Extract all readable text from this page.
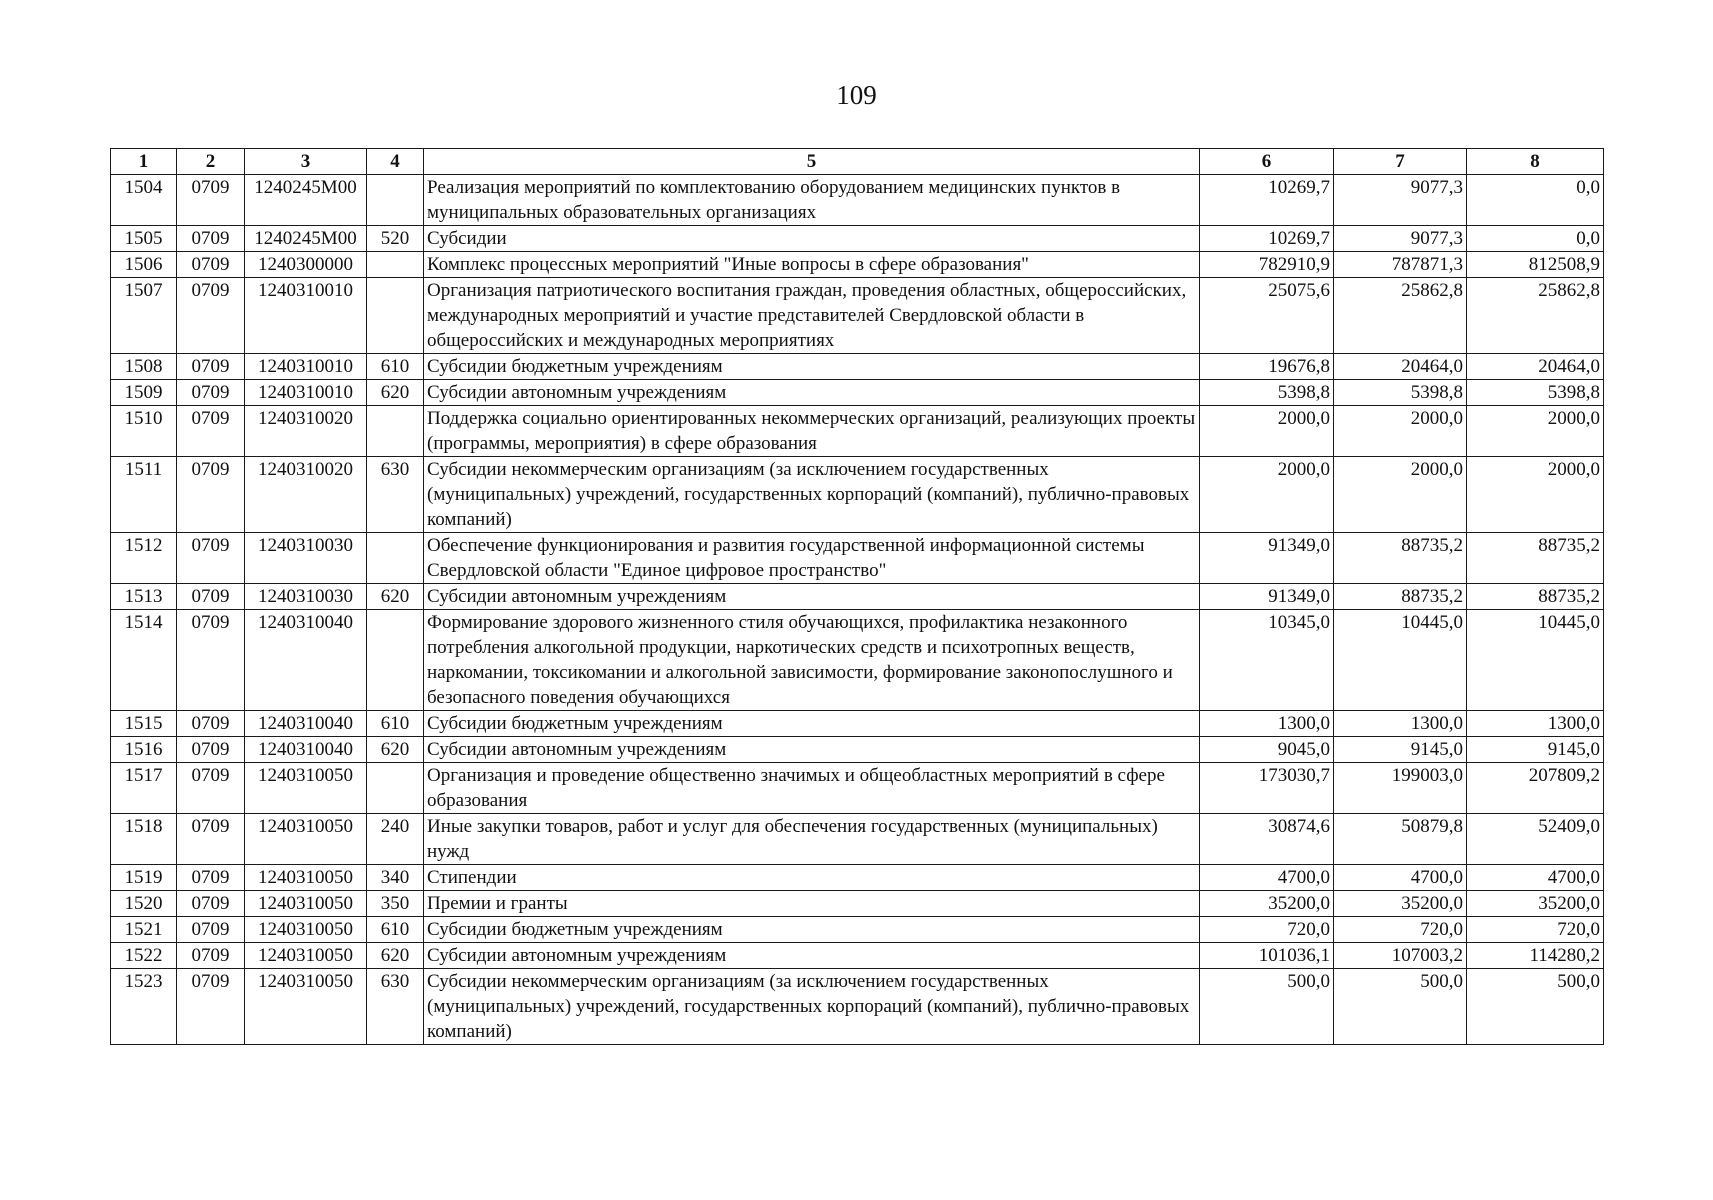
109
1	2	3	4	5	6	7	8
1504	0709	1240245M00		Реализация мероприятий по комплектованию оборудованием медицинских пунктов в муниципальных образовательных организациях	10269,7	9077,3	0,0
1505	0709	1240245M00	520	Субсидии	10269,7	9077,3	0,0
1506	0709	1240300000		Комплекс процессных мероприятий "Иные вопросы в сфере образования"	782910,9	787871,3	812508,9
1507	0709	1240310010		Организация патриотического воспитания граждан, проведения областных, общероссийских, международных мероприятий и участие представителей Свердловской области в общероссийских и международных мероприятиях	25075,6	25862,8	25862,8
1508	0709	1240310010	610	Субсидии бюджетным учреждениям	19676,8	20464,0	20464,0
1509	0709	1240310010	620	Субсидии автономным учреждениям	5398,8	5398,8	5398,8
1510	0709	1240310020		Поддержка социально ориентированных некоммерческих организаций, реализующих проекты (программы, мероприятия) в сфере образования	2000,0	2000,0	2000,0
1511	0709	1240310020	630	Субсидии некоммерческим организациям (за исключением государственных (муниципальных) учреждений, государственных корпораций (компаний), публично-правовых компаний)	2000,0	2000,0	2000,0
1512	0709	1240310030		Обеспечение функционирования и развития государственной информационной системы Свердловской области "Единое цифровое пространство"	91349,0	88735,2	88735,2
1513	0709	1240310030	620	Субсидии автономным учреждениям	91349,0	88735,2	88735,2
1514	0709	1240310040		Формирование здорового жизненного стиля обучающихся, профилактика незаконного потребления алкогольной продукции, наркотических средств и психотропных веществ, наркомании, токсикомании и алкогольной зависимости, формирование законопослушного и безопасного поведения обучающихся	10345,0	10445,0	10445,0
1515	0709	1240310040	610	Субсидии бюджетным учреждениям	1300,0	1300,0	1300,0
1516	0709	1240310040	620	Субсидии автономным учреждениям	9045,0	9145,0	9145,0
1517	0709	1240310050		Организация и проведение общественно значимых и общеобластных мероприятий в сфере образования	173030,7	199003,0	207809,2
1518	0709	1240310050	240	Иные закупки товаров, работ и услуг для обеспечения государственных (муниципальных) нужд	30874,6	50879,8	52409,0
1519	0709	1240310050	340	Стипендии	4700,0	4700,0	4700,0
1520	0709	1240310050	350	Премии и гранты	35200,0	35200,0	35200,0
1521	0709	1240310050	610	Субсидии бюджетным учреждениям	720,0	720,0	720,0
1522	0709	1240310050	620	Субсидии автономным учреждениям	101036,1	107003,2	114280,2
1523	0709	1240310050	630	Субсидии некоммерческим организациям (за исключением государственных (муниципальных) учреждений, государственных корпораций (компаний), публично-правовых компаний)	500,0	500,0	500,0
